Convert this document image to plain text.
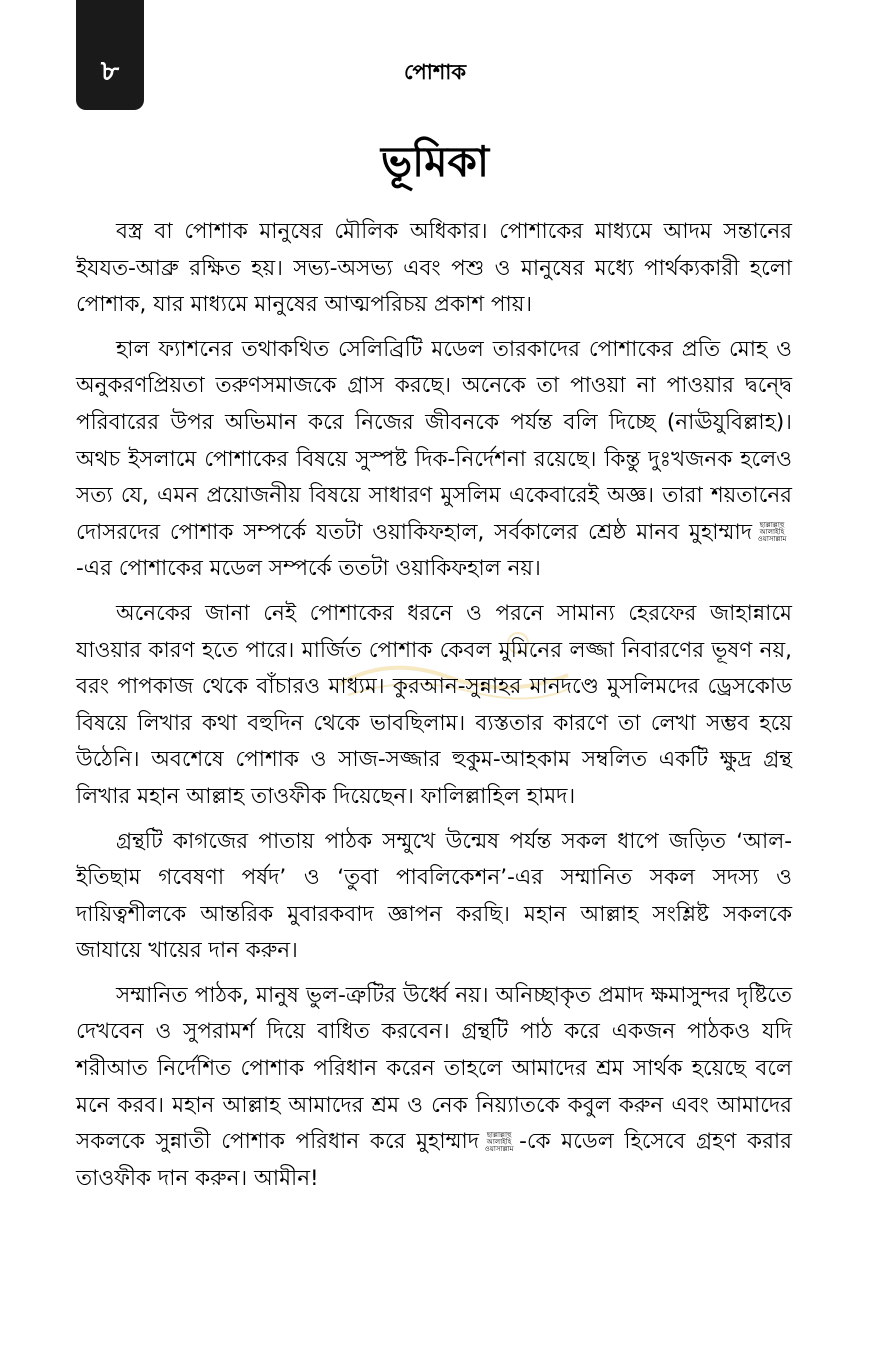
৮	পোশাক
ভূমিকা

বস্ত্র বা পোশাক মানুষের মৌলিক অধিকার। পোশাকের মাধ্যমে আদম সন্তানের ইযযত-আব্রু রক্ষিত হয়। সভ্য-অসভ্য এবং পশু ও মানুষের মধ্যে পার্থক্যকারী হলো পোশাক, যার মাধ্যমে মানুষের আত্মপরিচয় প্রকাশ পায়।

হাল ফ্যাশনের তথাকথিত সেলিব্রিটি মডেল তারকাদের পোশাকের প্রতি মোহ ও অনুকরণপ্রিয়তা তরুণসমাজকে গ্রাস করছে। অনেকে তা পাওয়া না পাওয়ার দ্বন্দ্বে পরিবারের উপর অভিমান করে নিজের জীবনকে পর্যন্ত বলি দিচ্ছে (নাঊযুবিল্লাহ)। অথচ ইসলামে পোশাকের বিষয়ে সুস্পষ্ট দিক-নির্দেশনা রয়েছে। কিন্তু দুঃখজনক হলেও সত্য যে, এমন প্রয়োজনীয় বিষয়ে সাধারণ মুসলিম একেবারেই অজ্ঞ। তারা শয়তানের দোসরদের পোশাক সম্পর্কে যতটা ওয়াকিফহাল, সর্বকালের শ্রেষ্ঠ মানব মুহাম্মাদ ছাল্লাল্লাহু আলাইহি ওয়াসাল্লাম-এর পোশাকের মডেল সম্পর্কে ততটা ওয়াকিফহাল নয়।

অনেকের জানা নেই পোশাকের ধরনে ও পরনে সামান্য হেরফের জাহান্নামে যাওয়ার কারণ হতে পারে। মার্জিত পোশাক কেবল মুমিনের লজ্জা নিবারণের ভূষণ নয়, বরং পাপকাজ থেকে বাঁচারও মাধ্যম। কুরআন-সুন্নাহর মানদণ্ডে মুসলিমদের ড্রেসকোড বিষয়ে লিখার কথা বহুদিন থেকে ভাবছিলাম। ব্যস্ততার কারণে তা লেখা সম্ভব হয়ে উঠেনি। অবশেষে পোশাক ও সাজ-সজ্জার হুকুম-আহকাম সম্বলিত একটি ক্ষুদ্র গ্রন্থ লিখার মহান আল্লাহ তাওফীক দিয়েছেন। ফালিল্লাহিল হামদ।

গ্রন্থটি কাগজের পাতায় পাঠক সম্মুখে উন্মেষ পর্যন্ত সকল ধাপে জড়িত ‘আল-ইতিছাম গবেষণা পর্ষদ’ ও ‘তুবা পাবলিকেশন’-এর সম্মানিত সকল সদস্য ও দায়িত্বশীলকে আন্তরিক মুবারকবাদ জ্ঞাপন করছি। মহান আল্লাহ সংশ্লিষ্ট সকলকে জাযায়ে খায়ের দান করুন।

সম্মানিত পাঠক, মানুষ ভুল-ত্রুটির উর্ধ্বে নয়। অনিচ্ছাকৃত প্রমাদ ক্ষমাসুন্দর দৃষ্টিতে দেখবেন ও সুপরামর্শ দিয়ে বাধিত করবেন। গ্রন্থটি পাঠ করে একজন পাঠকও যদি শরীআত নির্দেশিত পোশাক পরিধান করেন তাহলে আমাদের শ্রম সার্থক হয়েছে বলে মনে করব। মহান আল্লাহ আমাদের শ্রম ও নেক নিয়্যাতকে কবুল করুন এবং আমাদের সকলকে সুন্নাতী পোশাক পরিধান করে মুহাম্মাদ ছাল্লাল্লাহু আলাইহি ওয়াসাল্লাম -কে মডেল হিসেবে গ্রহণ করার তাওফীক দান করুন। আমীন!
